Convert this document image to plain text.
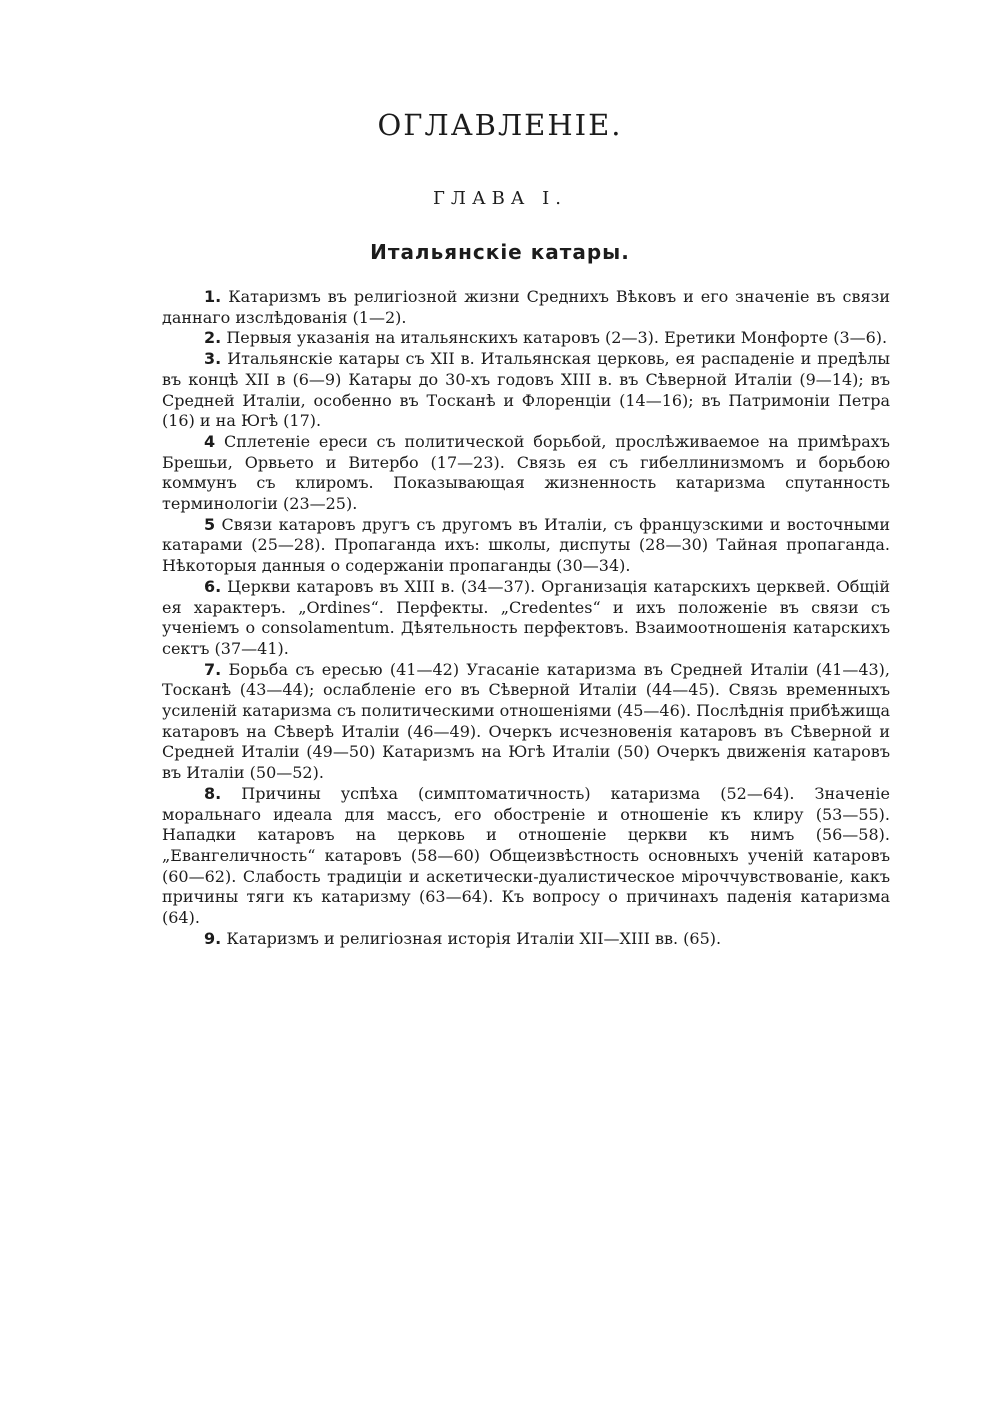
ОГЛАВЛЕНІЕ.
ГЛАВА I.
Итальянскіе катары.

1. Катаризмъ въ религіозной жизни Среднихъ Вѣковъ и его значеніе въ связи даннаго изслѣдованія (1—2).

2. Первыя указанія на итальянскихъ катаровъ (2—3). Еретики Монфорте (3—6).

3. Итальянскіе катары съ XII в. Итальянская церковь, ея распаденіе и предѣлы въ концѣ XII в (6—9) Катары до 30-хъ годовъ XIII в. въ Сѣверной Италіи (9—14); въ Средней Италіи, особенно въ Тосканѣ и Флоренціи (14—16); въ Патримоніи Петра (16) и на Югѣ (17).

4 Сплетеніе ереси съ политической борьбой, прослѣживаемое на примѣрахъ Брешьи, Орвьето и Витербо (17—23). Связь ея съ гибеллинизмомъ и борьбою коммунъ съ клиромъ. Показывающая жизненность катаризма спутанность терминологіи (23—25).

5 Связи катаровъ другъ съ другомъ въ Италіи, съ французскими и восточными катарами (25—28). Пропаганда ихъ: школы, диспуты (28—30) Тайная пропаганда. Нѣкоторыя данныя о содержаніи пропаганды (30—34).

6. Церкви катаровъ въ XIII в. (34—37). Организація катарскихъ церквей. Общій ея характеръ. „Ordines“. Перфекты. „Credentes“ и ихъ положеніе въ связи съ ученіемъ о consolamentum. Дѣятельность перфектовъ. Взаимоотношенія катарскихъ сектъ (37—41).

7. Борьба съ ересью (41—42) Угасаніе катаризма въ Средней Италіи (41—43), Тосканѣ (43—44); ослабленіе его въ Сѣверной Италіи (44—45). Связь временныхъ усиленій катаризма съ политическими отношеніями (45—46). Послѣднія прибѣжища катаровъ на Сѣверѣ Италіи (46—49). Очеркъ исчезновенія катаровъ въ Сѣверной и Средней Италіи (49—50) Катаризмъ на Югѣ Италіи (50) Очеркъ движенія катаровъ въ Италіи (50—52).

8. Причины успѣха (симптоматичность) катаризма (52—64). Значеніе моральнаго идеала для массъ, его обостреніе и отношеніе къ клиру (53—55). Нападки катаровъ на церковь и отношеніе церкви къ нимъ (56—58). „Евангеличность“ катаровъ (58—60) Общеизвѣстность основныхъ ученій катаровъ (60—62). Слабость традиціи и аскетически-дуалистическое міроччувствованіе, какъ причины тяги къ катаризму (63—64). Къ вопросу о причинахъ паденія катаризма (64).

9. Катаризмъ и религіозная исторія Италіи XII—XIII вв. (65).
